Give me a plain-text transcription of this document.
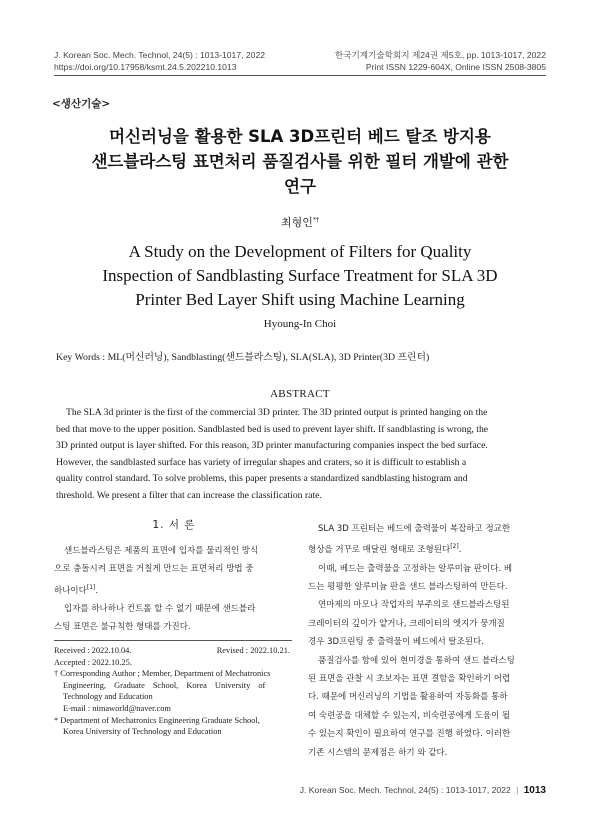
J. Korean Soc. Mech. Technol, 24(5) : 1013-1017, 2022
https://doi.org/10.17958/ksmt.24.5.202210.1013
한국기계기술학회지 제24권 제5호, pp. 1013-1017, 2022
Print ISSN 1229-604X, Online ISSN 2508-3805
<생산기술>
머신러닝을 활용한 SLA 3D프린터 베드 탈조 방지용
샌드블라스팅 표면처리 품질검사를 위한 필터 개발에 관한
연구
최형인*†
A Study on the Development of Filters for Quality
Inspection of Sandblasting Surface Treatment for SLA 3D
Printer Bed Layer Shift using Machine Learning
Hyoung-In Choi
Key Words : ML(머신러닝), Sandblasting(샌드블라스팅), SLA(SLA), 3D Printer(3D 프린터)
ABSTRACT
The SLA 3d printer is the first of the commercial 3D printer. The 3D printed output is printed hanging on the
bed that move to the upper position. Sandblasted bed is used to prevent layer shift. If sandblasting is wrong, the
3D printed output is layer shifted. For this reason, 3D printer manufacturing companies inspect the bed surface.
However, the sandblasted surface has variety of irregular shapes and craters, so it is difficult to establish a
quality control standard. To solve problems, this paper presents a standardized sandblasting histogram and
threshold. We present a filter that can increase the classification rate.
1. 서 론

샌드블라스팅은 제품의 표면에 입자를 물리적인 방식

으로 충돌시켜 표면을 거칠게 만드는 표면처리 방법 중

하나이다[1].

입자를 하나하나 컨트롤 할 수 없기 때문에 샌드블라

스팅 표면은 불규칙한 형태를 가진다.

Received : 2022.10.04.	Revised : 2022.10.21.
Accepted : 2022.10.25.
† Corresponding Author ; Member, Department of Mechatronics
Engineering, Graduate School, Korea University of
Technology and Education
E-mail : nimaworld@naver.com
* Department of Mechatronics Engineering Graduate School,
Korea University of Technology and Education

SLA 3D 프린터는 베드에 출력물이 복잡하고 정교한

형상을 거꾸로 매달린 형태로 조형된다[2].

이때, 베드는 출력물을 고정하는 알루미늄 판이다. 베

드는 평평한 알루미늄 판을 샌드 블라스팅하여 만든다.

연마제의 마모나 작업자의 부주의로 샌드블라스팅된

크레이터의 깊이가 얕거나, 크레이터의 엣지가 뭉개질

경우 3D프린팅 중 출력물이 베드에서 탈조된다.

품질검사를 함에 있어 현미경을 통하여 샌드 블라스팅

된 표면을 관찰 시 초보자는 표면 결함을 확인하기 어렵

다. 때문에 머신러닝의 기법을 활용하여 자동화를 통하

여 숙련공을 대체할 수 있는지, 비숙련공에게 도움이 될

수 있는지 확인이 필요하여 연구를 진행 하였다. 이러한

기존 시스템의 문제점은 하기 와 같다.

J. Korean Soc. Mech. Technol, 24(5) : 1013-1017, 2022 | 1013
